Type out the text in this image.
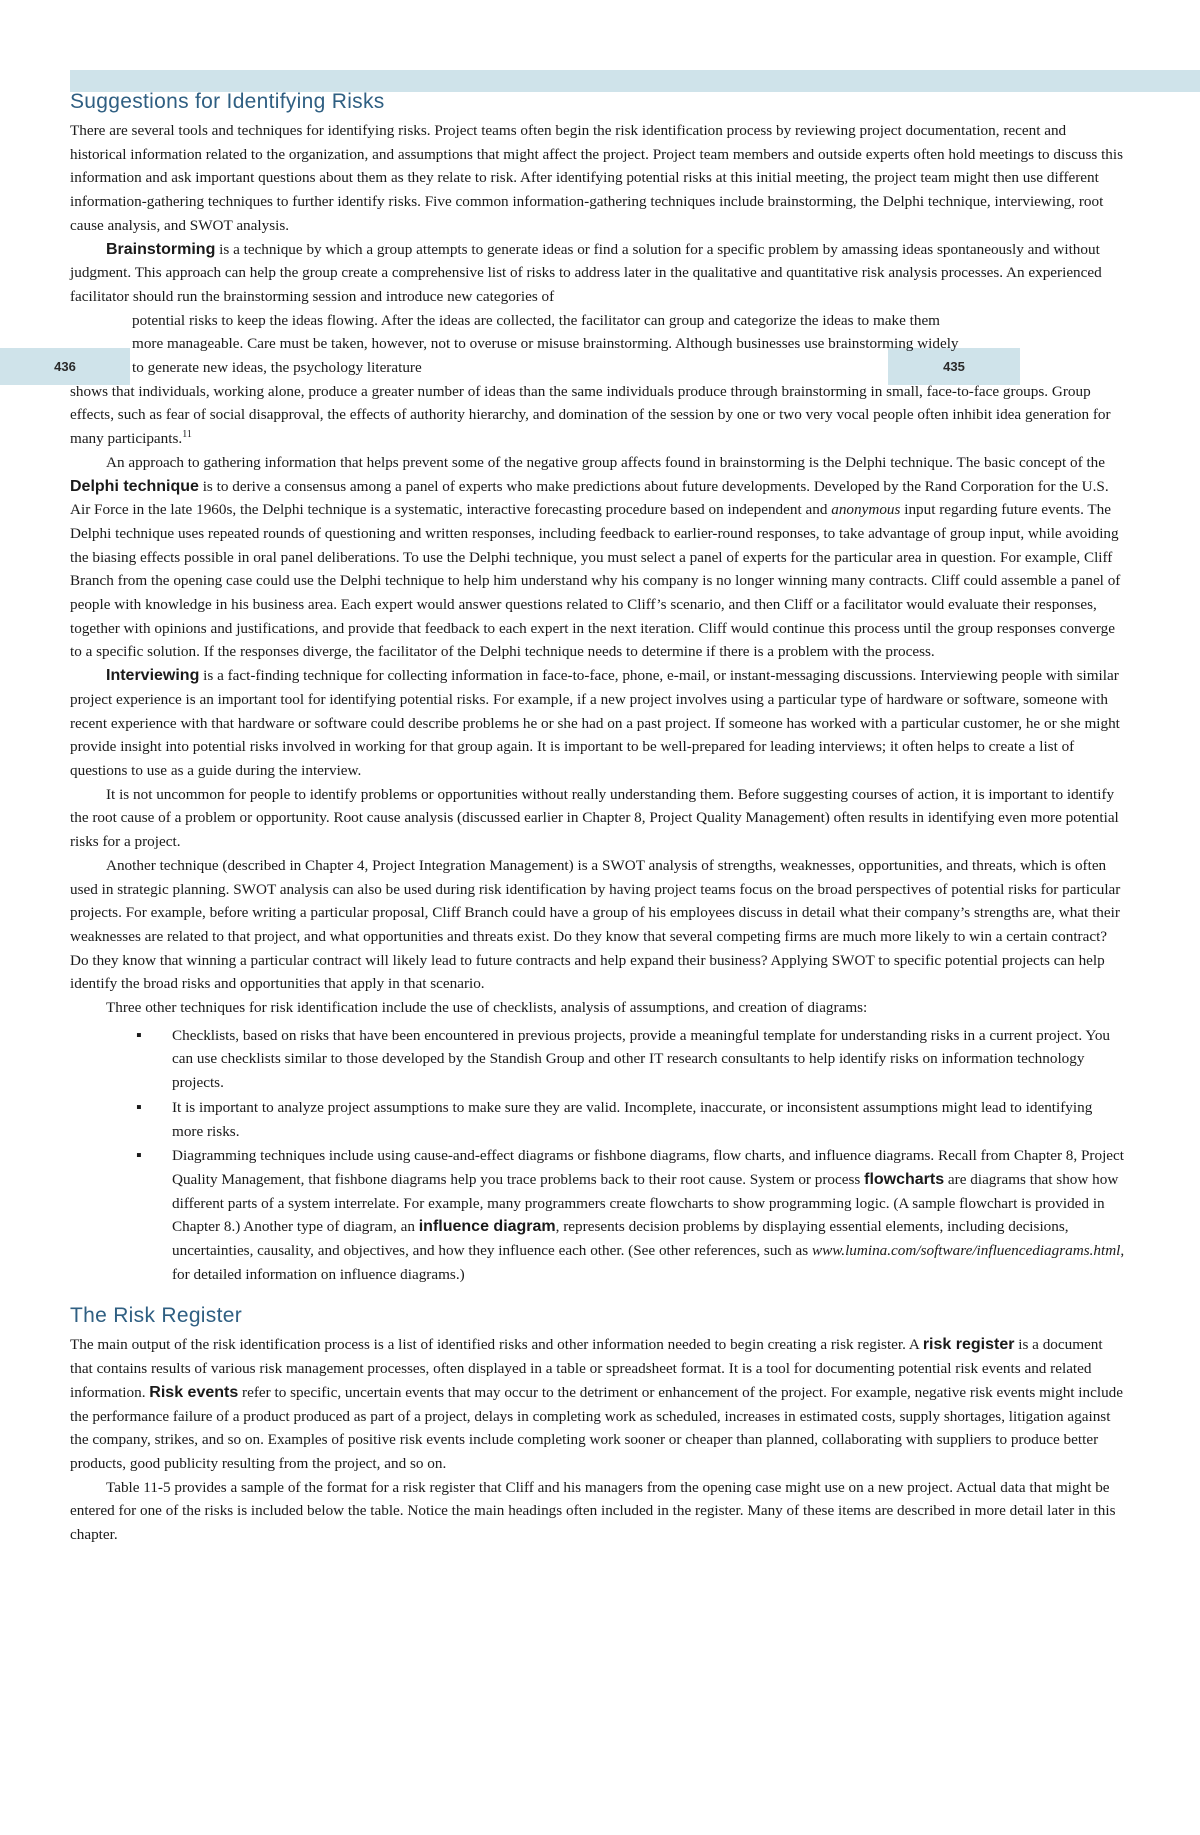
436	435
Suggestions for Identifying Risks

There are several tools and techniques for identifying risks. Project teams often begin the risk identification process by reviewing project documentation, recent and historical information related to the organization, and assumptions that might affect the project. Project team members and outside experts often hold meetings to discuss this information and ask important questions about them as they relate to risk. After identifying potential risks at this initial meeting, the project team might then use different information-gathering techniques to further identify risks. Five common information-gathering techniques include brainstorming, the Delphi technique, interviewing, root cause analysis, and SWOT analysis.

Brainstorming is a technique by which a group attempts to generate ideas or find a solution for a specific problem by amassing ideas spontaneously and without judgment. This approach can help the group create a comprehensive list of risks to address later in the qualitative and quantitative risk analysis processes. An experienced facilitator should run the brainstorming session and introduce new categories of

potential risks to keep the ideas flowing. After the ideas are collected, the facilitator can group and categorize the ideas to make them more manageable. Care must be taken, however, not to overuse or misuse brainstorming. Although businesses use brainstorming widely to generate new ideas, the psychology literature

shows that individuals, working alone, produce a greater number of ideas than the same individuals produce through brainstorming in small, face-to-face groups. Group effects, such as fear of social disapproval, the effects of authority hierarchy, and domination of the session by one or two very vocal people often inhibit idea generation for many participants.$^{11}$

An approach to gathering information that helps prevent some of the negative group affects found in brainstorming is the Delphi technique. The basic concept of the Delphi technique is to derive a consensus among a panel of experts who make predictions about future developments. Developed by the Rand Corporation for the U.S. Air Force in the late 1960s, the Delphi technique is a systematic, interactive forecasting procedure based on independent and anonymous input regarding future events. The Delphi technique uses repeated rounds of questioning and written responses, including feedback to earlier-round responses, to take advantage of group input, while avoiding the biasing effects possible in oral panel deliberations. To use the Delphi technique, you must select a panel of experts for the particular area in question. For example, Cliff Branch from the opening case could use the Delphi technique to help him understand why his company is no longer winning many contracts. Cliff could assemble a panel of people with knowledge in his business area. Each expert would answer questions related to Cliff’s scenario, and then Cliff or a facilitator would evaluate their responses, together with opinions and justifications, and provide that feedback to each expert in the next iteration. Cliff would continue this process until the group responses converge to a specific solution. If the responses diverge, the facilitator of the Delphi technique needs to determine if there is a problem with the process.

Interviewing is a fact-finding technique for collecting information in face-to-face, phone, e-mail, or instant-messaging discussions. Interviewing people with similar project experience is an important tool for identifying potential risks. For example, if a new project involves using a particular type of hardware or software, someone with recent experience with that hardware or software could describe problems he or she had on a past project. If someone has worked with a particular customer, he or she might provide insight into potential risks involved in working for that group again. It is important to be well-prepared for leading interviews; it often helps to create a list of questions to use as a guide during the interview.

It is not uncommon for people to identify problems or opportunities without really understanding them. Before suggesting courses of action, it is important to identify the root cause of a problem or opportunity. Root cause analysis (discussed earlier in Chapter 8, Project Quality Management) often results in identifying even more potential risks for a project.

Another technique (described in Chapter 4, Project Integration Management) is a SWOT analysis of strengths, weaknesses, opportunities, and threats, which is often used in strategic planning. SWOT analysis can also be used during risk identification by having project teams focus on the broad perspectives of potential risks for particular projects. For example, before writing a particular proposal, Cliff Branch could have a group of his employees discuss in detail what their company’s strengths are, what their weaknesses are related to that project, and what opportunities and threats exist. Do they know that several competing firms are much more likely to win a certain contract? Do they know that winning a particular contract will likely lead to future contracts and help expand their business? Applying SWOT to specific potential projects can help identify the broad risks and opportunities that apply in that scenario.

Three other techniques for risk identification include the use of checklists, analysis of assumptions, and creation of diagrams:

▪ Checklists, based on risks that have been encountered in previous projects, provide a meaningful template for understanding risks in a current project. You can use checklists similar to those developed by the Standish Group and other IT research consultants to help identify risks on information technology projects.
▪ It is important to analyze project assumptions to make sure they are valid. Incomplete, inaccurate, or inconsistent assumptions might lead to identifying more risks.
▪ Diagramming techniques include using cause-and-effect diagrams or fishbone diagrams, flow charts, and influence diagrams. Recall from Chapter 8, Project Quality Management, that fishbone diagrams help you trace problems back to their root cause. System or process flowcharts are diagrams that show how different parts of a system interrelate. For example, many programmers create flowcharts to show programming logic. (A sample flowchart is provided in Chapter 8.) Another type of diagram, an influence diagram, represents decision problems by displaying essential elements, including decisions, uncertainties, causality, and objectives, and how they influence each other. (See other references, such as www.lumina.com/software/influencediagrams.html, for detailed information on influence diagrams.)
The Risk Register

The main output of the risk identification process is a list of identified risks and other information needed to begin creating a risk register. A risk register is a document that contains results of various risk management processes, often displayed in a table or spreadsheet format. It is a tool for documenting potential risk events and related information. Risk events refer to specific, uncertain events that may occur to the detriment or enhancement of the project. For example, negative risk events might include the performance failure of a product produced as part of a project, delays in completing work as scheduled, increases in estimated costs, supply shortages, litigation against the company, strikes, and so on. Examples of positive risk events include completing work sooner or cheaper than planned, collaborating with suppliers to produce better products, good publicity resulting from the project, and so on.

Table 11-5 provides a sample of the format for a risk register that Cliff and his managers from the opening case might use on a new project. Actual data that might be entered for one of the risks is included below the table. Notice the main headings often included in the register. Many of these items are described in more detail later in this chapter.
